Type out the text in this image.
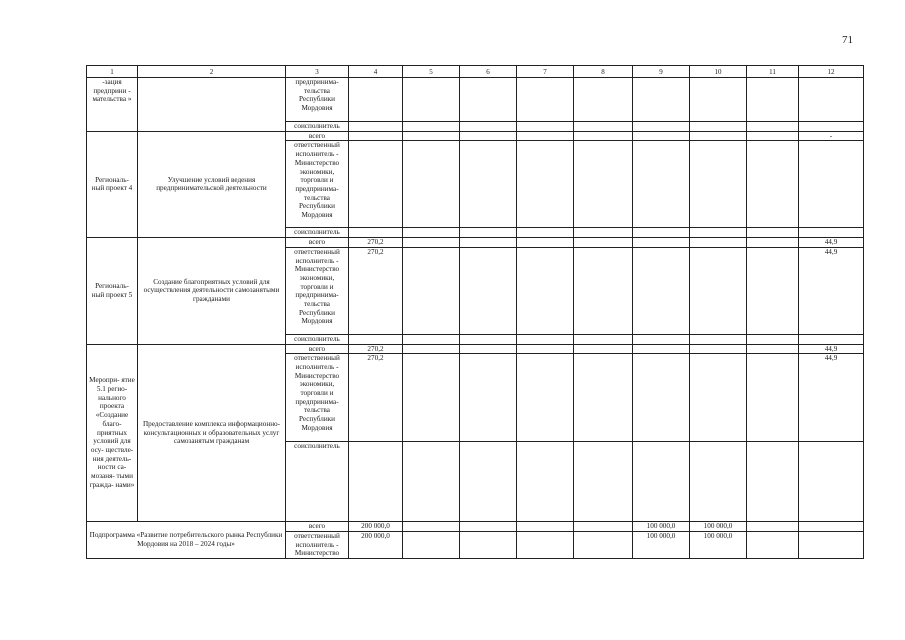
71
1	2	3	4	5	6	7	8	9	10	11	12
-зация предприни - мательства »		предпринима- тельства Республики Мордовия									
		соисполнитель									
Региональ- ный проект 4	Улучшение условий ведения предпринимательской деятельности	всего									-
		ответственный исполнитель - Министерство экономики, торговли и предпринима- тельства Республики Мордовия									
		соисполнитель									
Региональ- ный проект 5	Создание благоприятных условий для осуществления деятельности самозанятыми гражданами	всего	270,2								44,9
		ответственный исполнитель - Министерство экономики, торговли и предпринима- тельства Республики Мордовия	270,2								44,9
		соисполнитель									
Меропри- ятие 5.1 регио- нального проекта «Создание благо- приятных условий для осу- ществле- ния деятель- ности са- мозаня- тыми гражда- нами»	Предоставление комплекса информационно-консультационных и образовательных услуг самозанятым гражданам	всего	270,2								44,9
		ответственный исполнитель - Министерство экономики, торговли и предпринима- тельства Республики Мордовия	270,2								44,9
		соисполнитель									
Подпрограмма «Развитие потребительского рынка Республики Мордовия на 2018 – 2024 годы»		всего	200 000,0					100 000,0	100 000,0		
		ответственный исполнитель - Министерство	200 000,0					100 000,0	100 000,0		
